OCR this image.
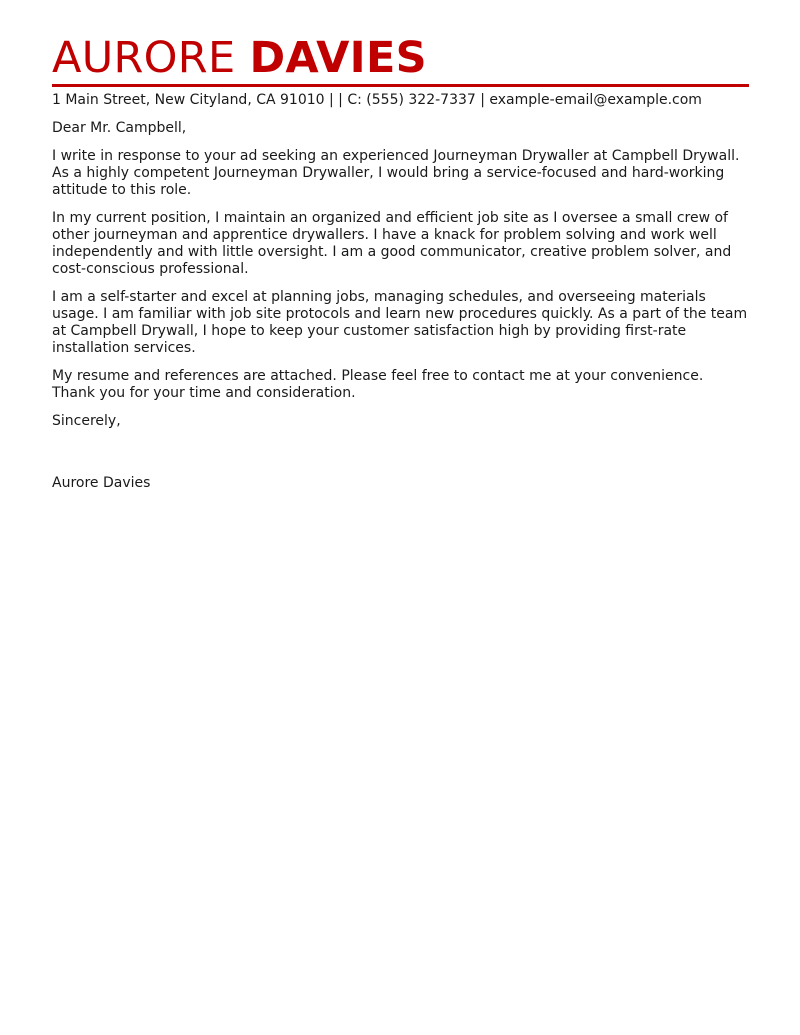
AURORE DAVIES
1 Main Street, New Cityland, CA 91010 | | C: (555) 322-7337 | example-email@example.com
Dear Mr. Campbell,
I write in response to your ad seeking an experienced Journeyman Drywaller at Campbell Drywall.
As a highly competent Journeyman Drywaller, I would bring a service-focused and hard-working
attitude to this role.
In my current position, I maintain an organized and efficient job site as I oversee a small crew of
other journeyman and apprentice drywallers. I have a knack for problem solving and work well
independently and with little oversight. I am a good communicator, creative problem solver, and
cost-conscious professional.
I am a self-starter and excel at planning jobs, managing schedules, and overseeing materials
usage. I am familiar with job site protocols and learn new procedures quickly. As a part of the team
at Campbell Drywall, I hope to keep your customer satisfaction high by providing first-rate
installation services.
My resume and references are attached. Please feel free to contact me at your convenience.
Thank you for your time and consideration.
Sincerely,
Aurore Davies
